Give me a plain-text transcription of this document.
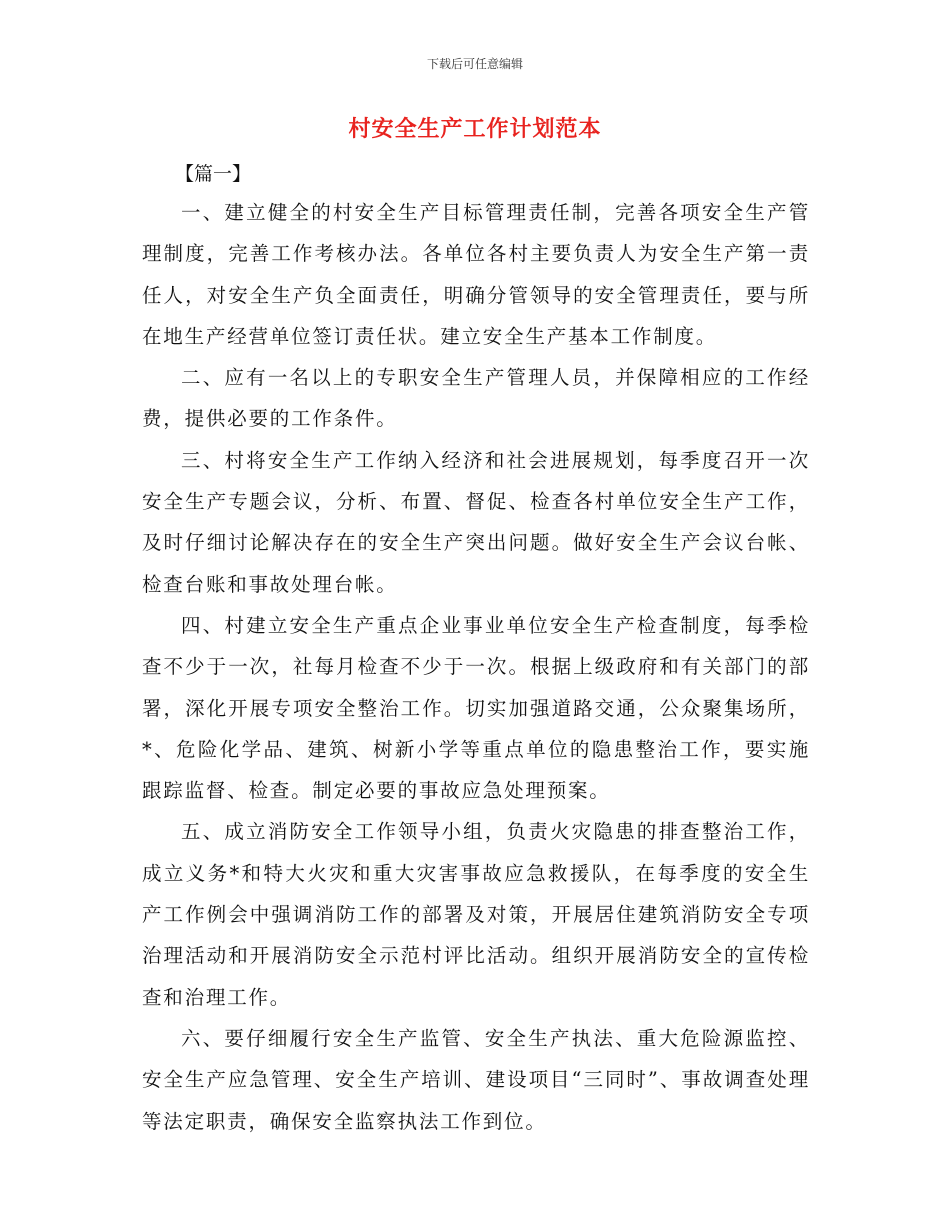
下载后可任意编辑
村安全生产工作计划范本
【篇一】

一、建立健全的村安全生产目标管理责任制，完善各项安全生产管理制度，完善工作考核办法。各单位各村主要负责人为安全生产第一责任人，对安全生产负全面责任，明确分管领导的安全管理责任，要与所在地生产经营单位签订责任状。建立安全生产基本工作制度。

二、应有一名以上的专职安全生产管理人员，并保障相应的工作经费，提供必要的工作条件。

三、村将安全生产工作纳入经济和社会进展规划，每季度召开一次安全生产专题会议，分析、布置、督促、检查各村单位安全生产工作，及时仔细讨论解决存在的安全生产突出问题。做好安全生产会议台帐、检查台账和事故处理台帐。

四、村建立安全生产重点企业事业单位安全生产检查制度，每季检查不少于一次，社每月检查不少于一次。根据上级政府和有关部门的部署，深化开展专项安全整治工作。切实加强道路交通，公众聚集场所，*、危险化学品、建筑、树新小学等重点单位的隐患整治工作，要实施跟踪监督、检查。制定必要的事故应急处理预案。

五、成立消防安全工作领导小组，负责火灾隐患的排查整治工作，成立义务*和特大火灾和重大灾害事故应急救援队，在每季度的安全生产工作例会中强调消防工作的部署及对策，开展居住建筑消防安全专项治理活动和开展消防安全示范村评比活动。组织开展消防安全的宣传检查和治理工作。

六、要仔细履行安全生产监管、安全生产执法、重大危险源监控、安全生产应急管理、安全生产培训、建设项目“三同时”、事故调查处理等法定职责，确保安全监察执法工作到位。
